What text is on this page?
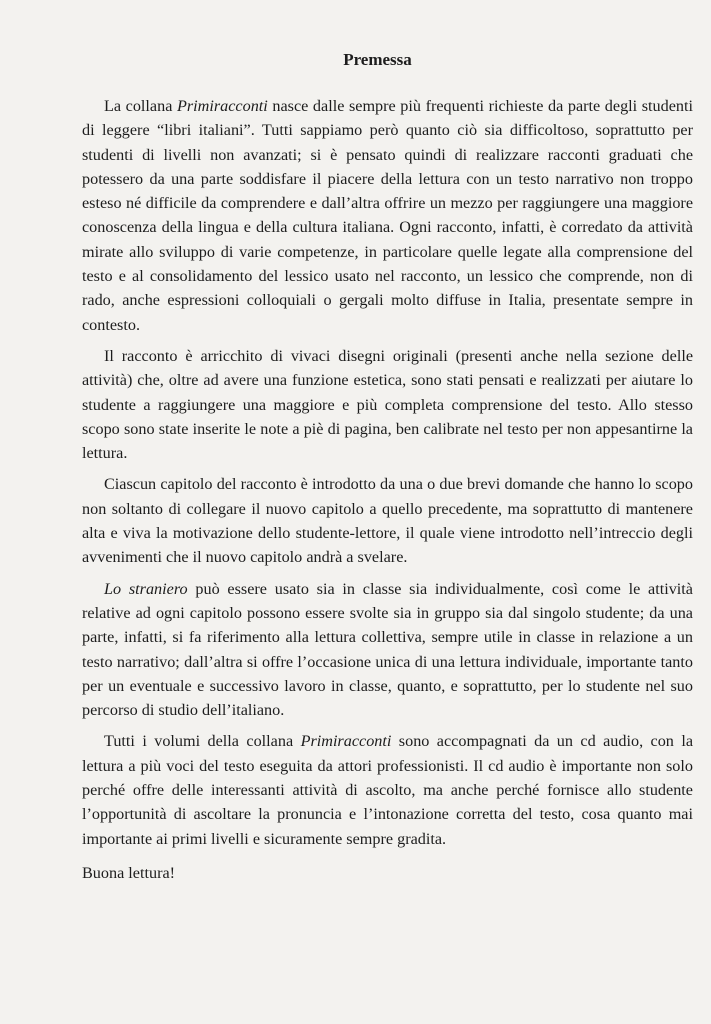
Premessa

La collana Primiracconti nasce dalle sempre più frequenti richieste da parte degli studenti di leggere “libri italiani”. Tutti sappiamo però quanto ciò sia difficoltoso, soprattutto per studenti di livelli non avanzati; si è pensato quindi di realizzare racconti graduati che potessero da una parte soddisfare il piacere della lettura con un testo narrativo non troppo esteso né difficile da comprendere e dall’altra offrire un mezzo per raggiungere una maggiore conoscenza della lingua e della cultura italiana. Ogni racconto, infatti, è corredato da attività mirate allo sviluppo di varie competenze, in particolare quelle legate alla comprensione del testo e al consolidamento del lessico usato nel racconto, un lessico che comprende, non di rado, anche espressioni colloquiali o gergali molto diffuse in Italia, presentate sempre in contesto.

Il racconto è arricchito di vivaci disegni originali (presenti anche nella sezione delle attività) che, oltre ad avere una funzione estetica, sono stati pensati e realizzati per aiutare lo studente a raggiungere una maggiore e più completa comprensione del testo. Allo stesso scopo sono state inserite le note a piè di pagina, ben calibrate nel testo per non appesantirne la lettura.

Ciascun capitolo del racconto è introdotto da una o due brevi domande che hanno lo scopo non soltanto di collegare il nuovo capitolo a quello precedente, ma soprattutto di mantenere alta e viva la motivazione dello studente-lettore, il quale viene introdotto nell’intreccio degli avvenimenti che il nuovo capitolo andrà a svelare.

Lo straniero può essere usato sia in classe sia individualmente, così come le attività relative ad ogni capitolo possono essere svolte sia in gruppo sia dal singolo studente; da una parte, infatti, si fa riferimento alla lettura collettiva, sempre utile in classe in relazione a un testo narrativo; dall’altra si offre l’occasione unica di una lettura individuale, importante tanto per un eventuale e successivo lavoro in classe, quanto, e soprattutto, per lo studente nel suo percorso di studio dell’italiano.

Tutti i volumi della collana Primiracconti sono accompagnati da un cd audio, con la lettura a più voci del testo eseguita da attori professionisti. Il cd audio è importante non solo perché offre delle interessanti attività di ascolto, ma anche perché fornisce allo studente l’opportunità di ascoltare la pronuncia e l’intonazione corretta del testo, cosa quanto mai importante ai primi livelli e sicuramente sempre gradita.

Buona lettura!
